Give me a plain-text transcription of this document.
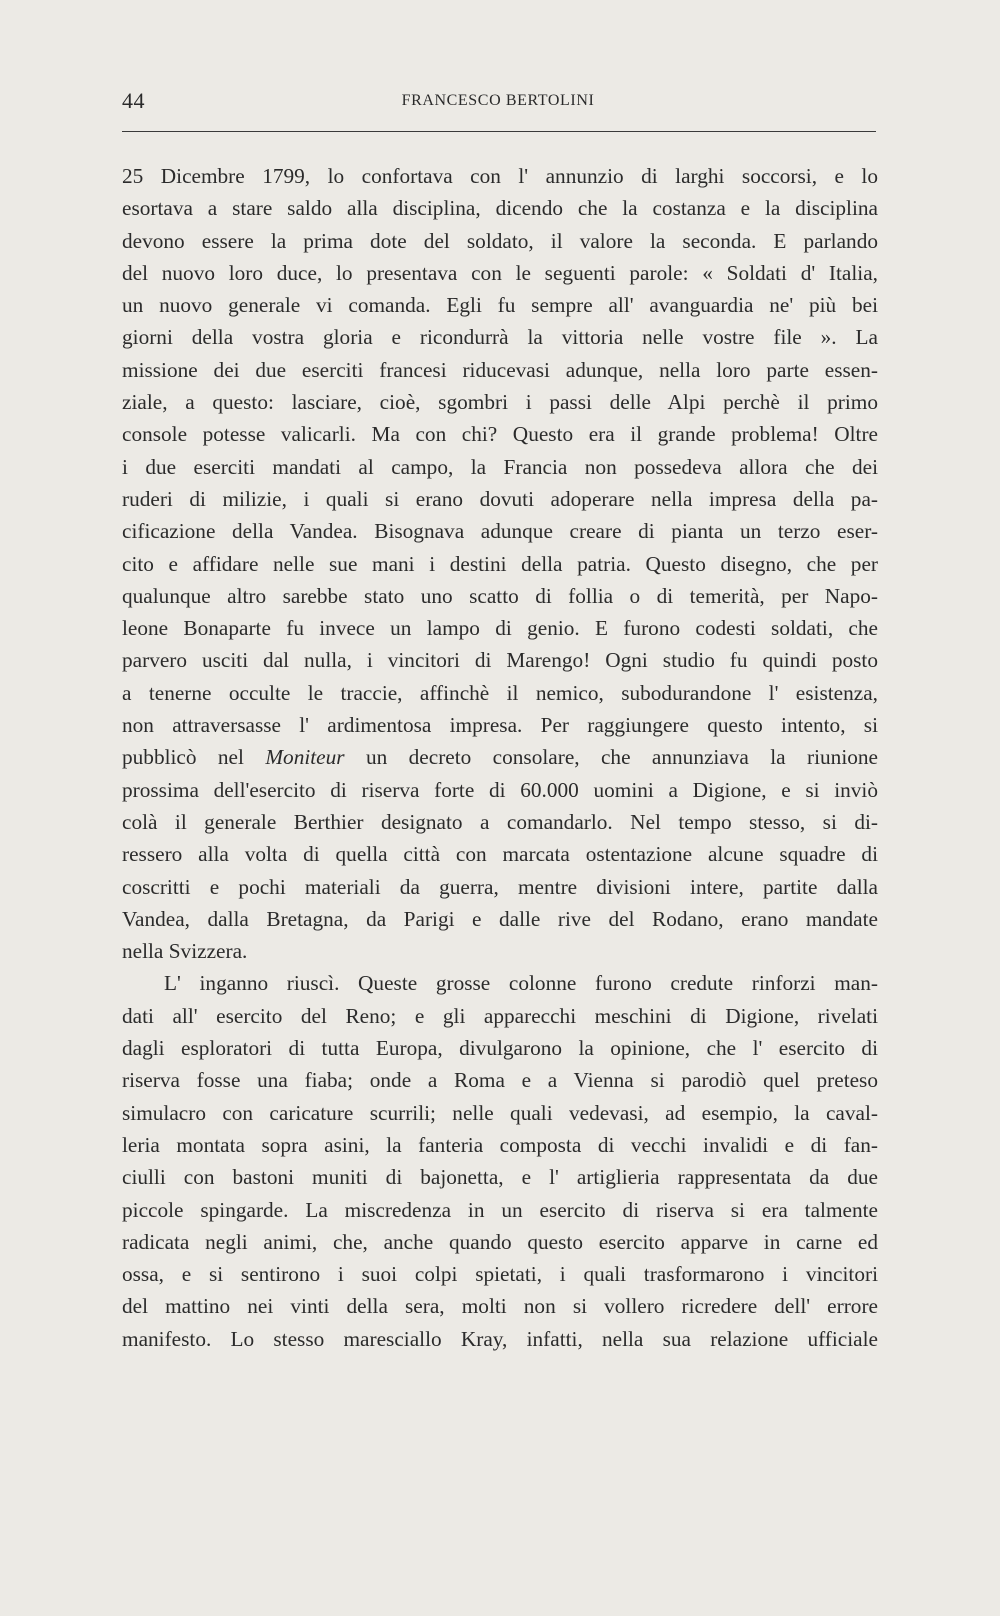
44	FRANCESCO BERTOLINI
25 Dicembre 1799, lo confortava con l' annunzio di larghi soccorsi, e lo
esortava a stare saldo alla disciplina, dicendo che la costanza e la disciplina
devono essere la prima dote del soldato, il valore la seconda. E parlando
del nuovo loro duce, lo presentava con le seguenti parole: « Soldati d' Italia,
un nuovo generale vi comanda. Egli fu sempre all' avanguardia ne' più bei
giorni della vostra gloria e ricondurrà la vittoria nelle vostre file ». La
missione dei due eserciti francesi riducevasi adunque, nella loro parte essen-
ziale, a questo: lasciare, cioè, sgombri i passi delle Alpi perchè il primo
console potesse valicarli. Ma con chi? Questo era il grande problema! Oltre
i due eserciti mandati al campo, la Francia non possedeva allora che dei
ruderi di milizie, i quali si erano dovuti adoperare nella impresa della pa-
cificazione della Vandea. Bisognava adunque creare di pianta un terzo eser-
cito e affidare nelle sue mani i destini della patria. Questo disegno, che per
qualunque altro sarebbe stato uno scatto di follia o di temerità, per Napo-
leone Bonaparte fu invece un lampo di genio. E furono codesti soldati, che
parvero usciti dal nulla, i vincitori di Marengo! Ogni studio fu quindi posto
a tenerne occulte le traccie, affinchè il nemico, subodurandone l' esistenza,
non attraversasse l' ardimentosa impresa. Per raggiungere questo intento, si
pubblicò nel Moniteur un decreto consolare, che annunziava la riunione
prossima dell'esercito di riserva forte di 60.000 uomini a Digione, e si inviò
colà il generale Berthier designato a comandarlo. Nel tempo stesso, si di-
ressero alla volta di quella città con marcata ostentazione alcune squadre di
coscritti e pochi materiali da guerra, mentre divisioni intere, partite dalla
Vandea, dalla Bretagna, da Parigi e dalle rive del Rodano, erano mandate
nella Svizzera.
L' inganno riuscì. Queste grosse colonne furono credute rinforzi man-
dati all' esercito del Reno; e gli apparecchi meschini di Digione, rivelati
dagli esploratori di tutta Europa, divulgarono la opinione, che l' esercito di
riserva fosse una fiaba; onde a Roma e a Vienna si parodiò quel preteso
simulacro con caricature scurrili; nelle quali vedevasi, ad esempio, la caval-
leria montata sopra asini, la fanteria composta di vecchi invalidi e di fan-
ciulli con bastoni muniti di bajonetta, e l' artiglieria rappresentata da due
piccole spingarde. La miscredenza in un esercito di riserva si era talmente
radicata negli animi, che, anche quando questo esercito apparve in carne ed
ossa, e si sentirono i suoi colpi spietati, i quali trasformarono i vincitori
del mattino nei vinti della sera, molti non si vollero ricredere dell' errore
manifesto. Lo stesso maresciallo Kray, infatti, nella sua relazione ufficiale
